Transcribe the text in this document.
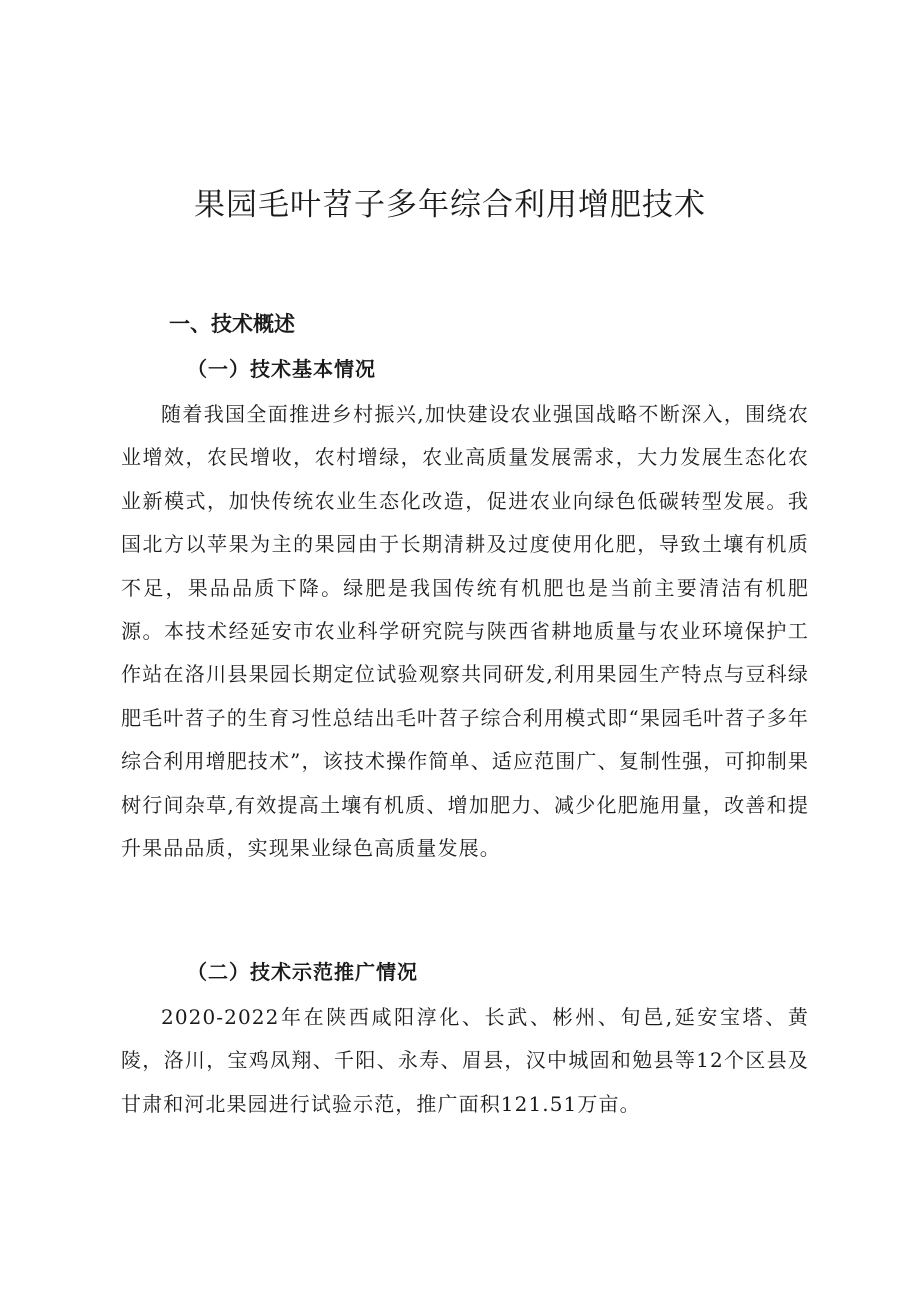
果园毛叶苕子多年综合利用增肥技术
一、技术概述
（一）技术基本情况

随着我国全面推进乡村振兴,加快建设农业强国战略不断深入，围绕农业增效，农民增收，农村增绿，农业高质量发展需求，大力发展生态化农业新模式，加快传统农业生态化改造，促进农业向绿色低碳转型发展。我国北方以苹果为主的果园由于长期清耕及过度使用化肥，导致土壤有机质不足，果品品质下降。绿肥是我国传统有机肥也是当前主要清洁有机肥源。本技术经延安市农业科学研究院与陕西省耕地质量与农业环境保护工作站在洛川县果园长期定位试验观察共同研发,利用果园生产特点与豆科绿肥毛叶苕子的生育习性总结出毛叶苕子综合利用模式即“果园毛叶苕子多年综合利用增肥技术”，该技术操作简单、适应范围广、复制性强，可抑制果树行间杂草,有效提高土壤有机质、增加肥力、减少化肥施用量，改善和提升果品品质，实现果业绿色高质量发展。

（二）技术示范推广情况

2020-2022年在陕西咸阳淳化、长武、彬州、旬邑,延安宝塔、黄陵，洛川，宝鸡凤翔、千阳、永寿、眉县，汉中城固和勉县等12个区县及甘肃和河北果园进行试验示范，推广面积121.51万亩。
